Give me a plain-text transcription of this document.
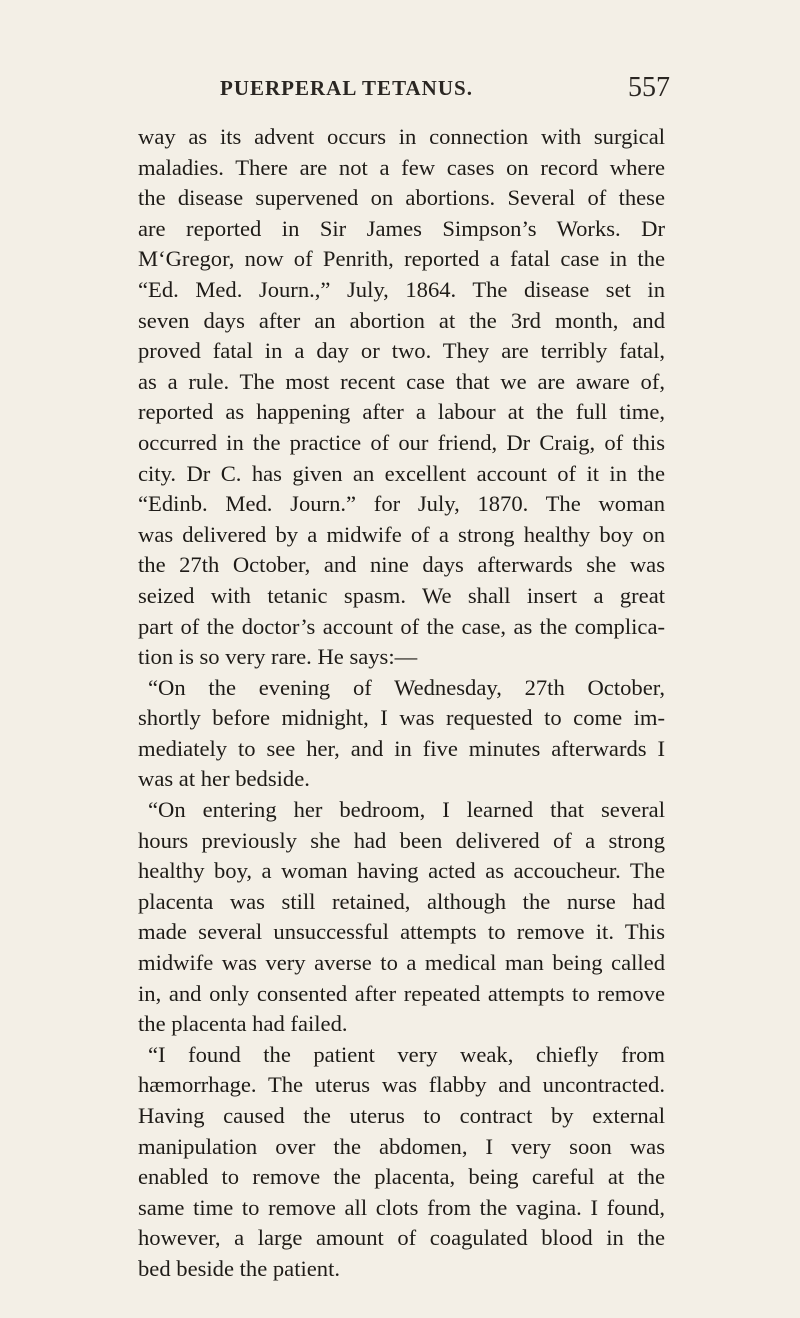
PUERPERAL TETANUS.	557
way as its advent occurs in connection with surgical
maladies. There are not a few cases on record where
the disease supervened on abortions. Several of these
are reported in Sir James Simpson’s Works. Dr
M‘Gregor, now of Penrith, reported a fatal case in the
“Ed. Med. Journ.,” July, 1864. The disease set in
seven days after an abortion at the 3rd month, and
proved fatal in a day or two. They are terribly fatal,
as a rule. The most recent case that we are aware of,
reported as happening after a labour at the full time,
occurred in the practice of our friend, Dr Craig, of this
city. Dr C. has given an excellent account of it in the
“Edinb. Med. Journ.” for July, 1870. The woman
was delivered by a midwife of a strong healthy boy on
the 27th October, and nine days afterwards she was
seized with tetanic spasm. We shall insert a great
part of the doctor’s account of the case, as the complica-
tion is so very rare. He says:—
“On the evening of Wednesday, 27th October,
shortly before midnight, I was requested to come im-
mediately to see her, and in five minutes afterwards I
was at her bedside.
“On entering her bedroom, I learned that several
hours previously she had been delivered of a strong
healthy boy, a woman having acted as accoucheur. The
placenta was still retained, although the nurse had
made several unsuccessful attempts to remove it. This
midwife was very averse to a medical man being called
in, and only consented after repeated attempts to remove
the placenta had failed.
“I found the patient very weak, chiefly from
hæmorrhage. The uterus was flabby and uncontracted.
Having caused the uterus to contract by external
manipulation over the abdomen, I very soon was
enabled to remove the placenta, being careful at the
same time to remove all clots from the vagina. I found,
however, a large amount of coagulated blood in the
bed beside the patient.
